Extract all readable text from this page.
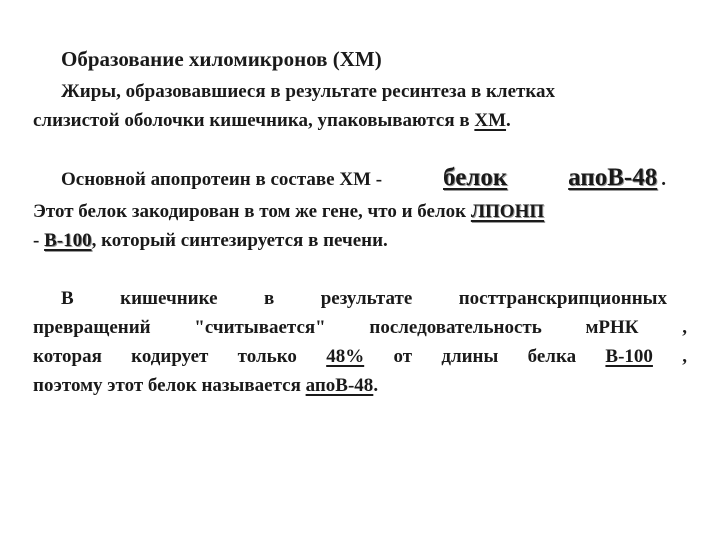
Образование хиломикронов (ХМ)
Жиры, образовавшиеся в результате ресинтеза в клетках
слизистой оболочки кишечника, упаковываются в ХМ.
Основной апопротеин в составе ХМ - белок апоВ-48 .
Этот белок закодирован в том же гене, что и белок ЛПОНП
- В-100, который синтезируется в печени.
В кишечнике в результате посттранскрипционных
превращений "считывается" последовательность мРНК ,
которая кодирует только 48% от длины белка В-100 ,
поэтому этот белок называется апоВ-48.
